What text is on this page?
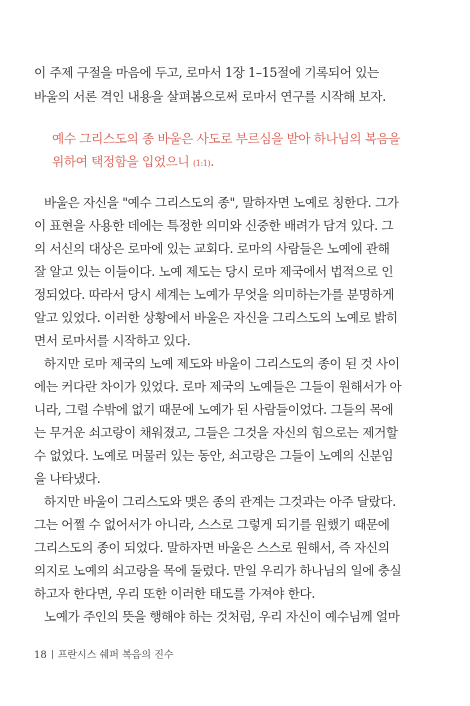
이 주제 구절을 마음에 두고, 로마서 1장 1–15절에 기록되어 있는
바울의 서론 격인 내용을 살펴봄으로써 로마서 연구를 시작해 보자.
예수 그리스도의 종 바울은 사도로 부르심을 받아 하나님의 복음을
위하여 택정함을 입었으니 (1:1).
바울은 자신을 "예수 그리스도의 종", 말하자면 노예로 칭한다. 그가
이 표현을 사용한 데에는 특정한 의미와 신중한 배려가 담겨 있다. 그
의 서신의 대상은 로마에 있는 교회다. 로마의 사람들은 노예에 관해
잘 알고 있는 이들이다. 노예 제도는 당시 로마 제국에서 법적으로 인
정되었다. 따라서 당시 세계는 노예가 무엇을 의미하는가를 분명하게
알고 있었다. 이러한 상황에서 바울은 자신을 그리스도의 노예로 밝히
면서 로마서를 시작하고 있다.
하지만 로마 제국의 노예 제도와 바울이 그리스도의 종이 된 것 사이
에는 커다란 차이가 있었다. 로마 제국의 노예들은 그들이 원해서가 아
니라, 그럴 수밖에 없기 때문에 노예가 된 사람들이었다. 그들의 목에
는 무거운 쇠고랑이 채워졌고, 그들은 그것을 자신의 힘으로는 제거할
수 없었다. 노예로 머물러 있는 동안, 쇠고랑은 그들이 노예의 신분임
을 나타냈다.
하지만 바울이 그리스도와 맺은 종의 관계는 그것과는 아주 달랐다.
그는 어쩔 수 없어서가 아니라, 스스로 그렇게 되기를 원했기 때문에
그리스도의 종이 되었다. 말하자면 바울은 스스로 원해서, 즉 자신의
의지로 노예의 쇠고랑을 목에 둘렀다. 만일 우리가 하나님의 일에 충실
하고자 한다면, 우리 또한 이러한 태도를 가져야 한다.
노예가 주인의 뜻을 행해야 하는 것처럼, 우리 자신이 예수님께 얼마
18 프란시스 쉐퍼 복음의 진수
